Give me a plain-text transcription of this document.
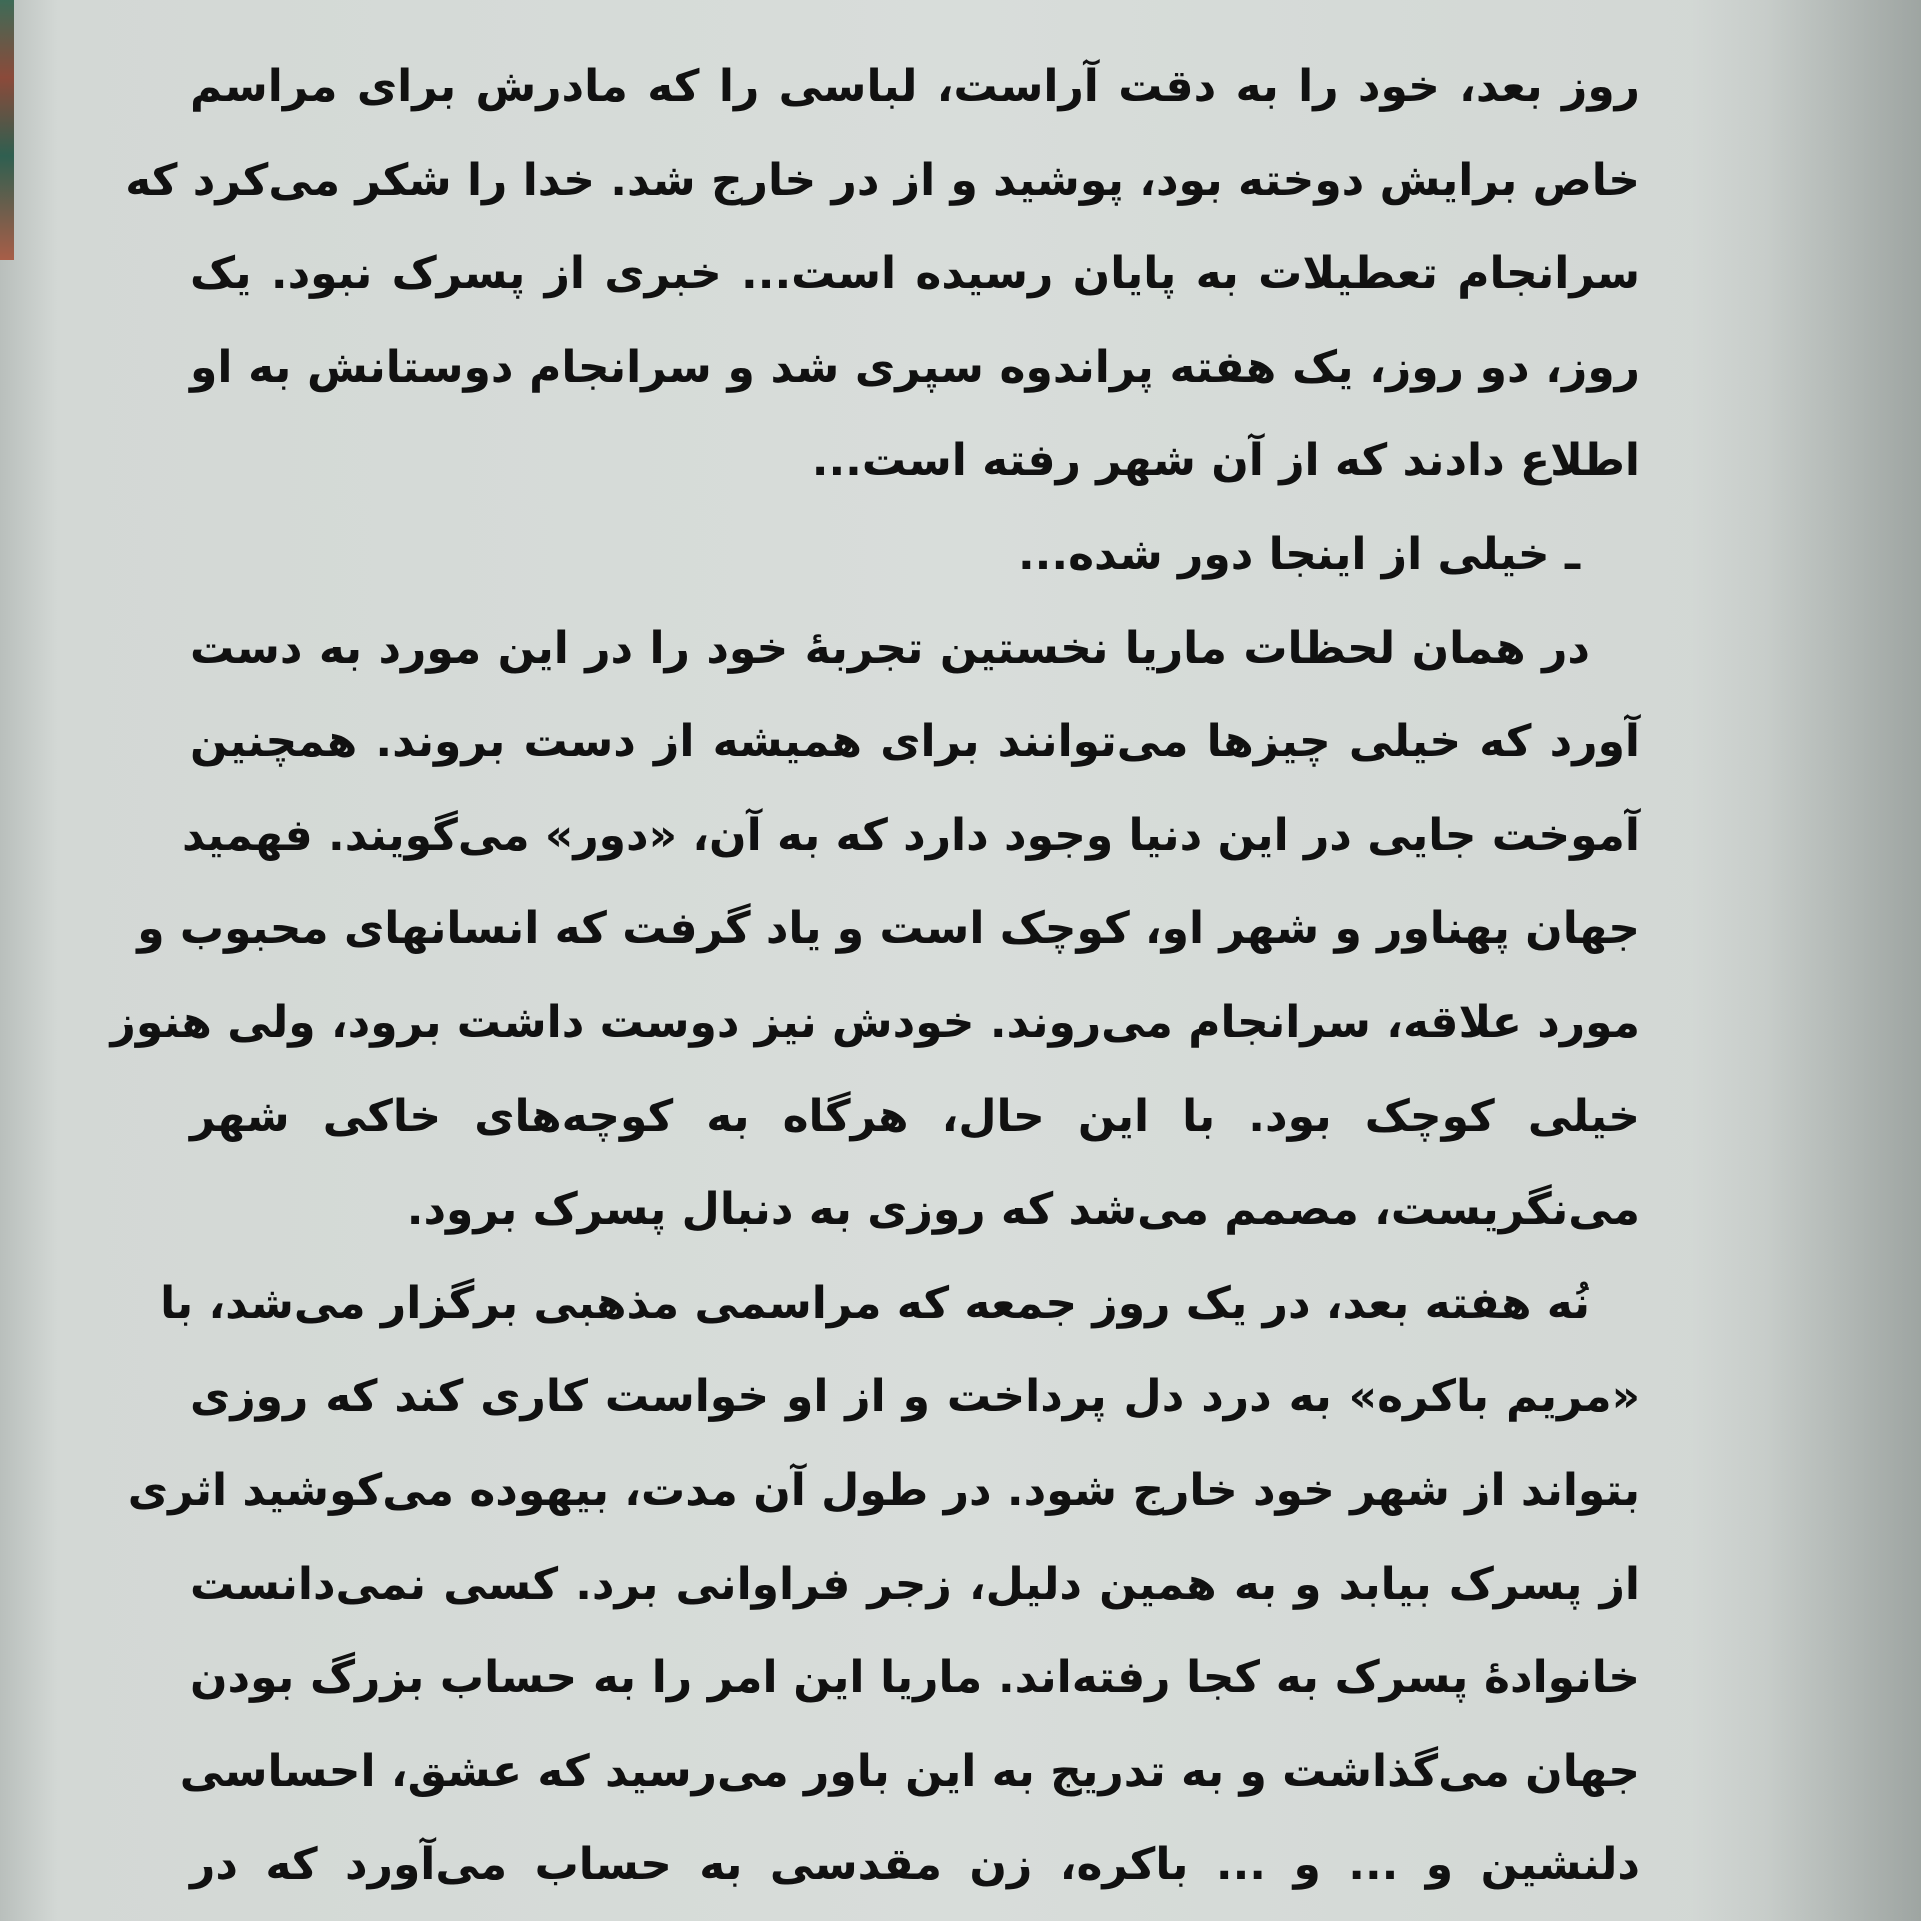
روز بعد، خود را به دقت آراست، لباسی را که مادرش برای مراسم
خاص برایش دوخته بود، پوشید و از در خارج شد. خدا را شکر می‌کرد که
سرانجام تعطیلات به پایان رسیده است... خبری از پسرک نبود. یک
روز، دو روز، یک هفته پراندوه سپری شد و سرانجام دوستانش به او
اطلاع دادند که از آن شهر رفته است...
ـ خیلی از اینجا دور شده...
در همان لحظات ماریا نخستین تجربهٔ خود را در این مورد به دست
آورد که خیلی چیزها می‌توانند برای همیشه از دست بروند. همچنین
آموخت جایی در این دنیا وجود دارد که به آن، «دور» می‌گویند. فهمید
جهان پهناور و شهر او، کوچک است و یاد گرفت که انسانهای محبوب و
مورد علاقه، سرانجام می‌روند. خودش نیز دوست داشت برود، ولی هنوز
خیلی کوچک بود. با این حال، هرگاه به کوچه‌های خاکی شهر
می‌نگریست، مصمم می‌شد که روزی به دنبال پسرک برود.
نُه هفته بعد، در یک روز جمعه که مراسمی مذهبی برگزار می‌شد، با
«مریم باکره» به درد دل پرداخت و از او خواست کاری کند که روزی
بتواند از شهر خود خارج شود. در طول آن مدت، بیهوده می‌کوشید اثری
از پسرک بیابد و به همین دلیل، زجر فراوانی برد. کسی نمی‌دانست
خانوادهٔ پسرک به کجا رفته‌اند. ماریا این امر را به حساب بزرگ بودن
جهان می‌گذاشت و به تدریج به این باور می‌رسید که عشق، احساسی
دلنشین و ... و ... باکره، زن مقدسی به حساب می‌آورد که در
